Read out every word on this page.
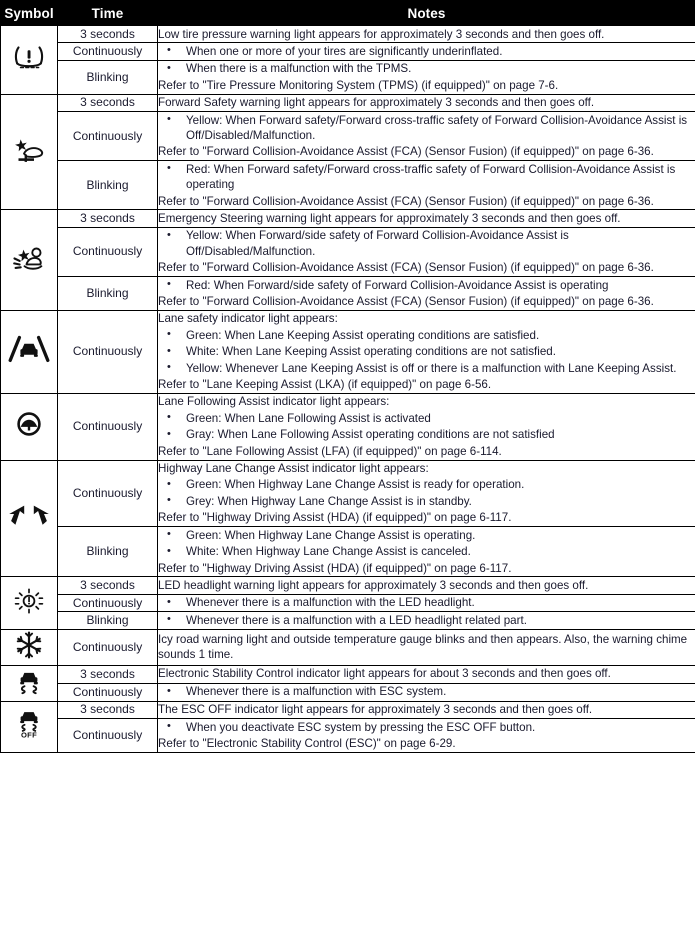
Symbol	Time	Notes

	3 seconds	Low tire pressure warning light appears for approximately 3 seconds and then goes off.

	Continuously	• When one or more of your tires are significantly underinflated.

	Blinking	• When there is a malfunction with the TPMS.
Refer to "Tire Pressure Monitoring System (TPMS) (if equipped)" on page 7-6.

	3 seconds	Forward Safety warning light appears for approximately 3 seconds and then goes off.

	Continuously	• Yellow: When Forward safety/Forward cross-traffic safety of Forward Collision-Avoidance Assist is Off/Disabled/Malfunction.
Refer to "Forward Collision-Avoidance Assist (FCA) (Sensor Fusion) (if equipped)" on page 6-36.

	Blinking	• Red: When Forward safety/Forward cross-traffic safety of Forward Collision-Avoidance Assist is operating
Refer to "Forward Collision-Avoidance Assist (FCA) (Sensor Fusion) (if equipped)" on page 6-36.

	3 seconds	Emergency Steering warning light appears for approximately 3 seconds and then goes off.

	Continuously	• Yellow: When Forward/side safety of Forward Collision-Avoidance Assist is Off/Disabled/Malfunction.
Refer to "Forward Collision-Avoidance Assist (FCA) (Sensor Fusion) (if equipped)" on page 6-36.

	Blinking	• Red: When Forward/side safety of Forward Collision-Avoidance Assist is operating
Refer to "Forward Collision-Avoidance Assist (FCA) (Sensor Fusion) (if equipped)" on page 6-36.

	Continuously	Lane safety indicator light appears:
• Green: When Lane Keeping Assist operating conditions are satisfied.
• White: When Lane Keeping Assist operating conditions are not satisfied.
• Yellow: Whenever Lane Keeping Assist is off or there is a malfunction with Lane Keeping Assist.
Refer to "Lane Keeping Assist (LKA) (if equipped)" on page 6-56.

	Continuously	Lane Following Assist indicator light appears:
• Green: When Lane Following Assist is activated
• Gray: When Lane Following Assist operating conditions are not satisfied
Refer to "Lane Following Assist (LFA) (if equipped)" on page 6-114.

	Continuously	Highway Lane Change Assist indicator light appears:
• Green: When Highway Lane Change Assist is ready for operation.
• Grey: When Highway Lane Change Assist is in standby.
Refer to "Highway Driving Assist (HDA) (if equipped)" on page 6-117.

	Blinking	• Green: When Highway Lane Change Assist is operating.
• White: When Highway Lane Change Assist is canceled.
Refer to "Highway Driving Assist (HDA) (if equipped)" on page 6-117.

	3 seconds	LED headlight warning light appears for approximately 3 seconds and then goes off.

	Continuously	• Whenever there is a malfunction with the LED headlight.

	Blinking	• Whenever there is a malfunction with a LED headlight related part.

	Continuously	Icy road warning light and outside temperature gauge blinks and then appears. Also, the warning chime sounds 1 time.

	3 seconds	Electronic Stability Control indicator light appears for about 3 seconds and then goes off.

	Continuously	• Whenever there is a malfunction with ESC system.

OFF	3 seconds	The ESC OFF indicator light appears for approximately 3 seconds and then goes off.

	Continuously	• When you deactivate ESC system by pressing the ESC OFF button.
Refer to "Electronic Stability Control (ESC)" on page 6-29.
